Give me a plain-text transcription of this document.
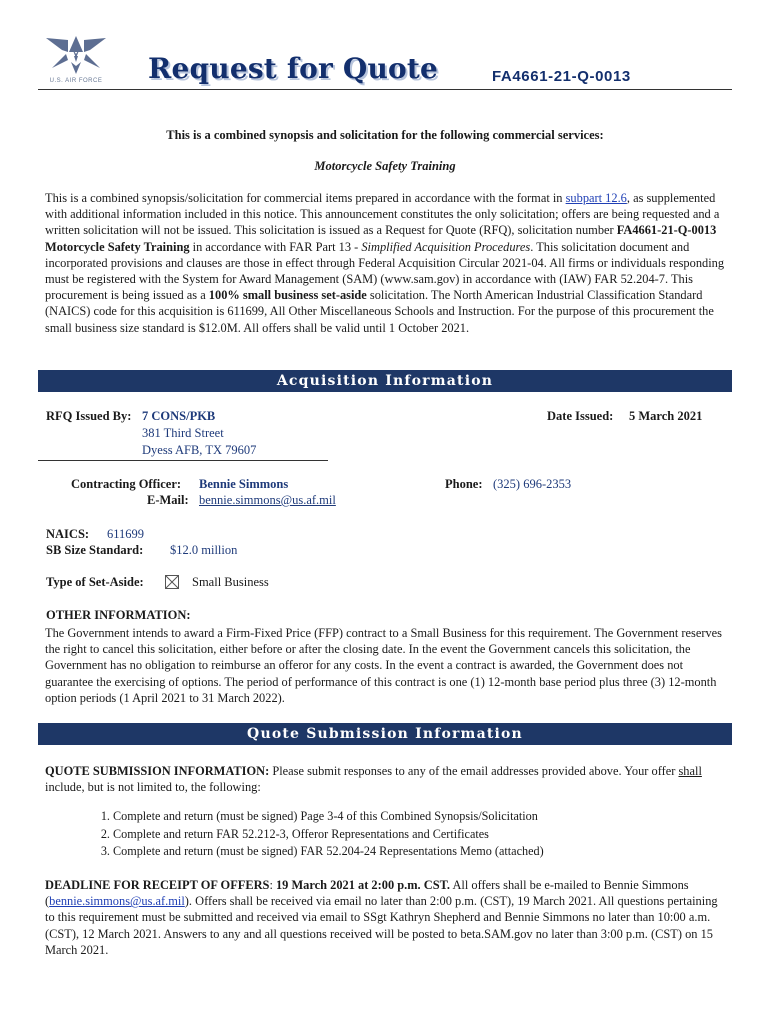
U.S. AIR FORCE	Request for Quote	FA4661-21-Q-0013
This is a combined synopsis and solicitation for the following commercial services:
Motorcycle Safety Training
This is a combined synopsis/solicitation for commercial items prepared in accordance with the format in subpart 12.6, as supplemented with additional information included in this notice. This announcement constitutes the only solicitation; offers are being requested and a written solicitation will not be issued. This solicitation is issued as a Request for Quote (RFQ), solicitation number FA4661-21-Q-0013 Motorcycle Safety Training in accordance with FAR Part 13 - Simplified Acquisition Procedures. This solicitation document and incorporated provisions and clauses are those in effect through Federal Acquisition Circular 2021-04. All firms or individuals responding must be registered with the System for Award Management (SAM) (www.sam.gov) in accordance with (IAW) FAR 52.204-7. This procurement is being issued as a 100% small business set-aside solicitation. The North American Industrial Classification Standard (NAICS) code for this acquisition is 611699, All Other Miscellaneous Schools and Instruction. For the purpose of this procurement the small business size standard is $12.0M. All offers shall be valid until 1 October 2021.
Acquisition Information
RFQ Issued By: 7 CONS/PKB
381 Third Street
Dyess AFB, TX 79607
Date Issued: 5 March 2021
Contracting Officer: Bennie Simmons
E-Mail: bennie.simmons@us.af.mil
Phone: (325) 696-2353
NAICS: 611699
SB Size Standard: $12.0 million
Type of Set-Aside:	Small Business
OTHER INFORMATION:
The Government intends to award a Firm-Fixed Price (FFP) contract to a Small Business for this requirement. The Government reserves the right to cancel this solicitation, either before or after the closing date. In the event the Government cancels this solicitation, the Government has no obligation to reimburse an offeror for any costs. In the event a contract is awarded, the Government does not guarantee the exercising of options. The period of performance of this contract is one (1) 12-month base period plus three (3) 12-month option periods (1 April 2021 to 31 March 2022).
Quote Submission Information
QUOTE SUBMISSION INFORMATION: Please submit responses to any of the email addresses provided above. Your offer shall include, but is not limited to, the following:
1. Complete and return (must be signed) Page 3-4 of this Combined Synopsis/Solicitation
2. Complete and return FAR 52.212-3, Offeror Representations and Certificates
3. Complete and return (must be signed) FAR 52.204-24 Representations Memo (attached)
DEADLINE FOR RECEIPT OF OFFERS: 19 March 2021 at 2:00 p.m. CST. All offers shall be e-mailed to Bennie Simmons (bennie.simmons@us.af.mil). Offers shall be received via email no later than 2:00 p.m. (CST), 19 March 2021. All questions pertaining to this requirement must be submitted and received via email to SSgt Kathryn Shepherd and Bennie Simmons no later than 10:00 a.m. (CST), 12 March 2021. Answers to any and all questions received will be posted to beta.SAM.gov no later than 3:00 p.m. (CST) on 15 March 2021.
